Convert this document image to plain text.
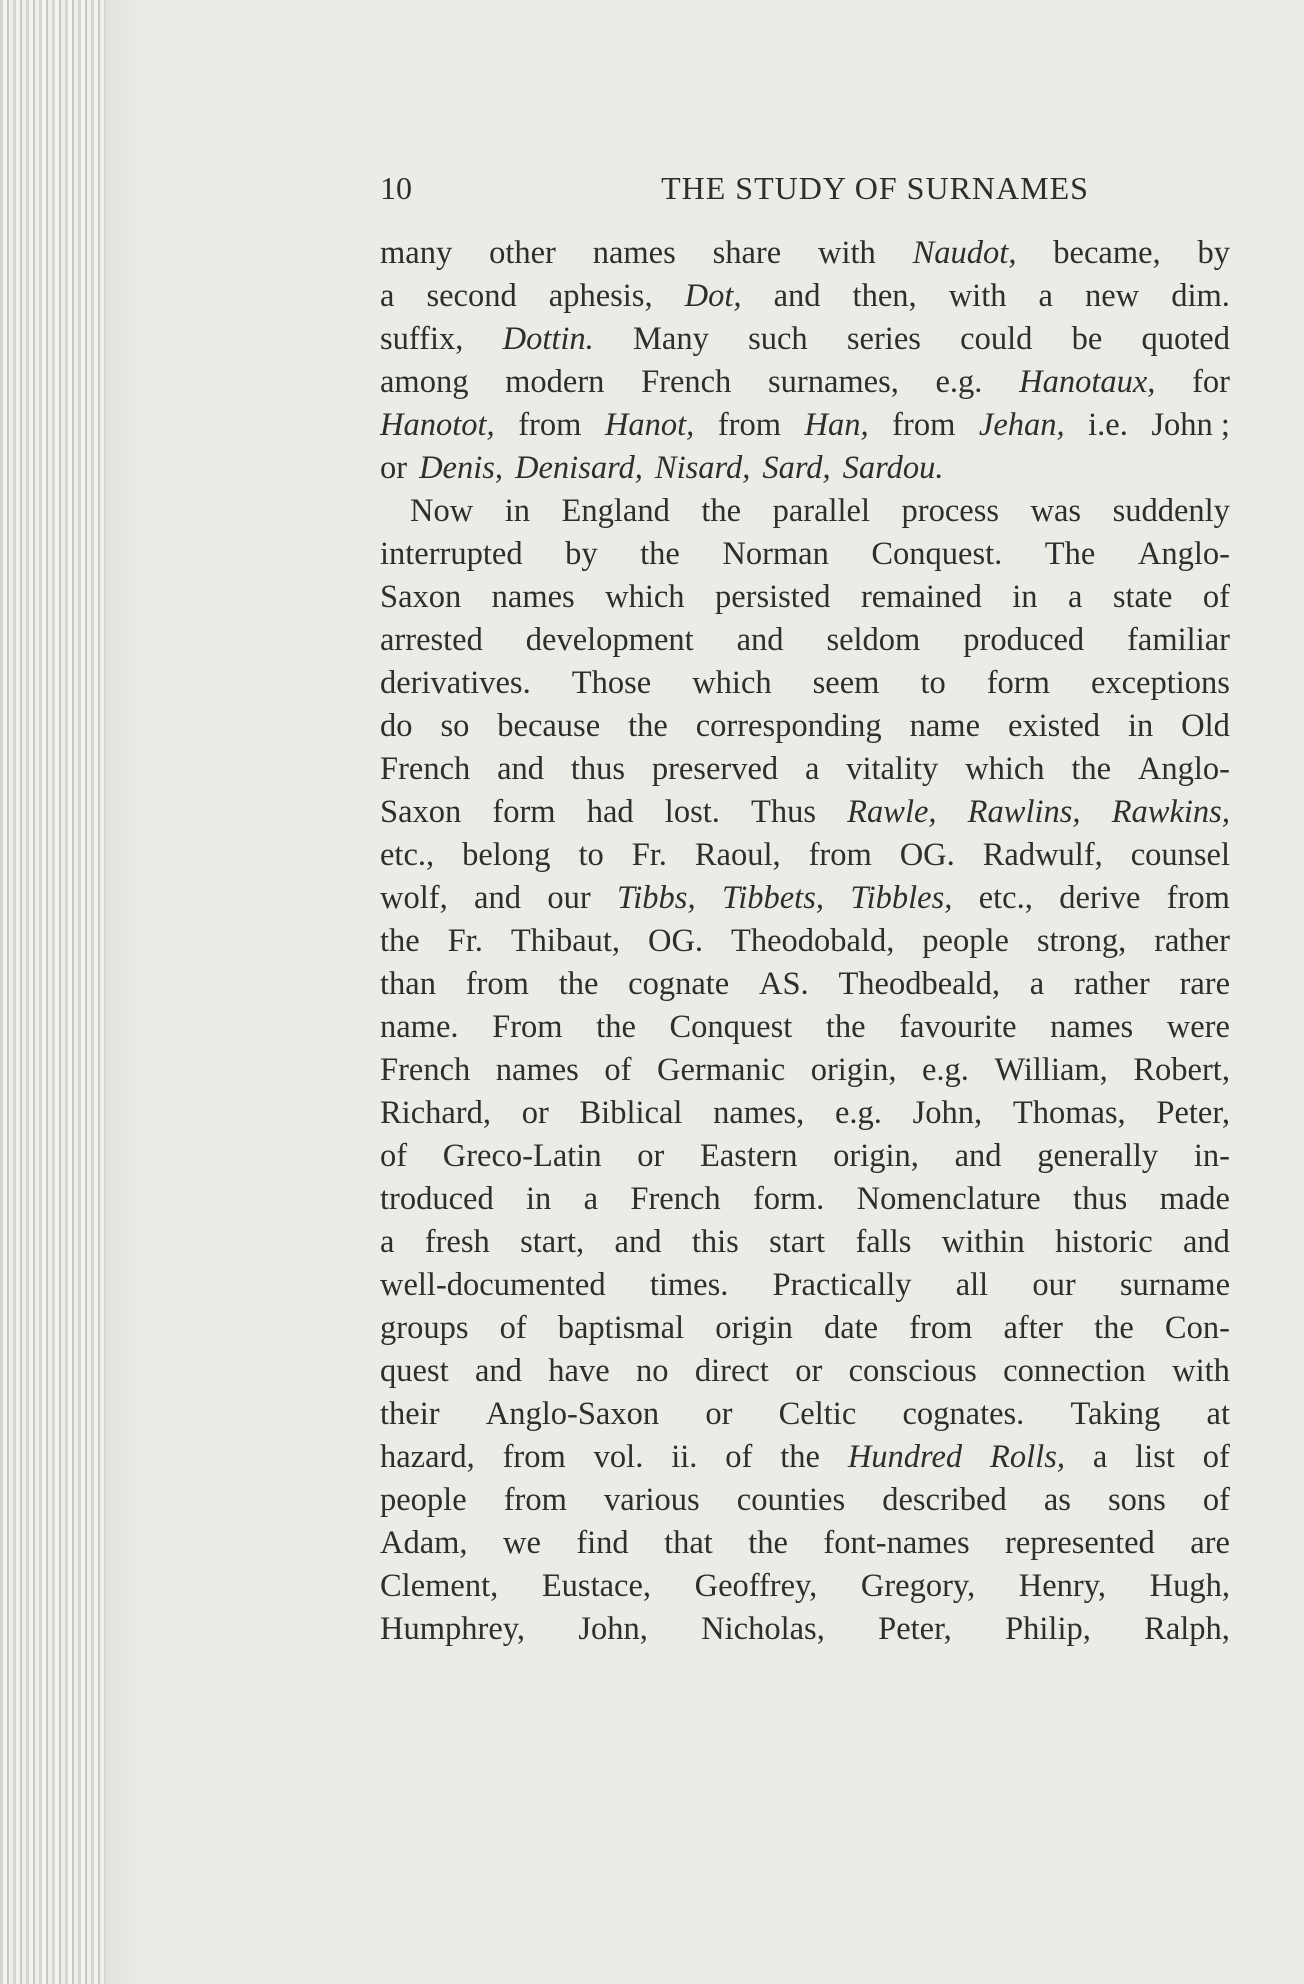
10	THE STUDY OF SURNAMES
many other names share with Naudot, became, by
a second aphesis, Dot, and then, with a new dim.
suffix, Dottin. Many such series could be quoted
among modern French surnames, e.g. Hanotaux, for
Hanotot, from Hanot, from Han, from Jehan, i.e. John ;
or Denis, Denisard, Nisard, Sard, Sardou.
Now in England the parallel process was suddenly
interrupted by the Norman Conquest. The Anglo-
Saxon names which persisted remained in a state of
arrested development and seldom produced familiar
derivatives. Those which seem to form exceptions
do so because the corresponding name existed in Old
French and thus preserved a vitality which the Anglo-
Saxon form had lost. Thus Rawle, Rawlins, Rawkins,
etc., belong to Fr. Raoul, from OG. Radwulf, counsel
wolf, and our Tibbs, Tibbets, Tibbles, etc., derive from
the Fr. Thibaut, OG. Theodobald, people strong, rather
than from the cognate AS. Theodbeald, a rather rare
name. From the Conquest the favourite names were
French names of Germanic origin, e.g. William, Robert,
Richard, or Biblical names, e.g. John, Thomas, Peter,
of Greco-Latin or Eastern origin, and generally in-
troduced in a French form. Nomenclature thus made
a fresh start, and this start falls within historic and
well-documented times. Practically all our surname
groups of baptismal origin date from after the Con-
quest and have no direct or conscious connection with
their Anglo-Saxon or Celtic cognates. Taking at
hazard, from vol. ii. of the Hundred Rolls, a list of
people from various counties described as sons of
Adam, we find that the font-names represented are
Clement, Eustace, Geoffrey, Gregory, Henry, Hugh,
Humphrey, John, Nicholas, Peter, Philip, Ralph,
